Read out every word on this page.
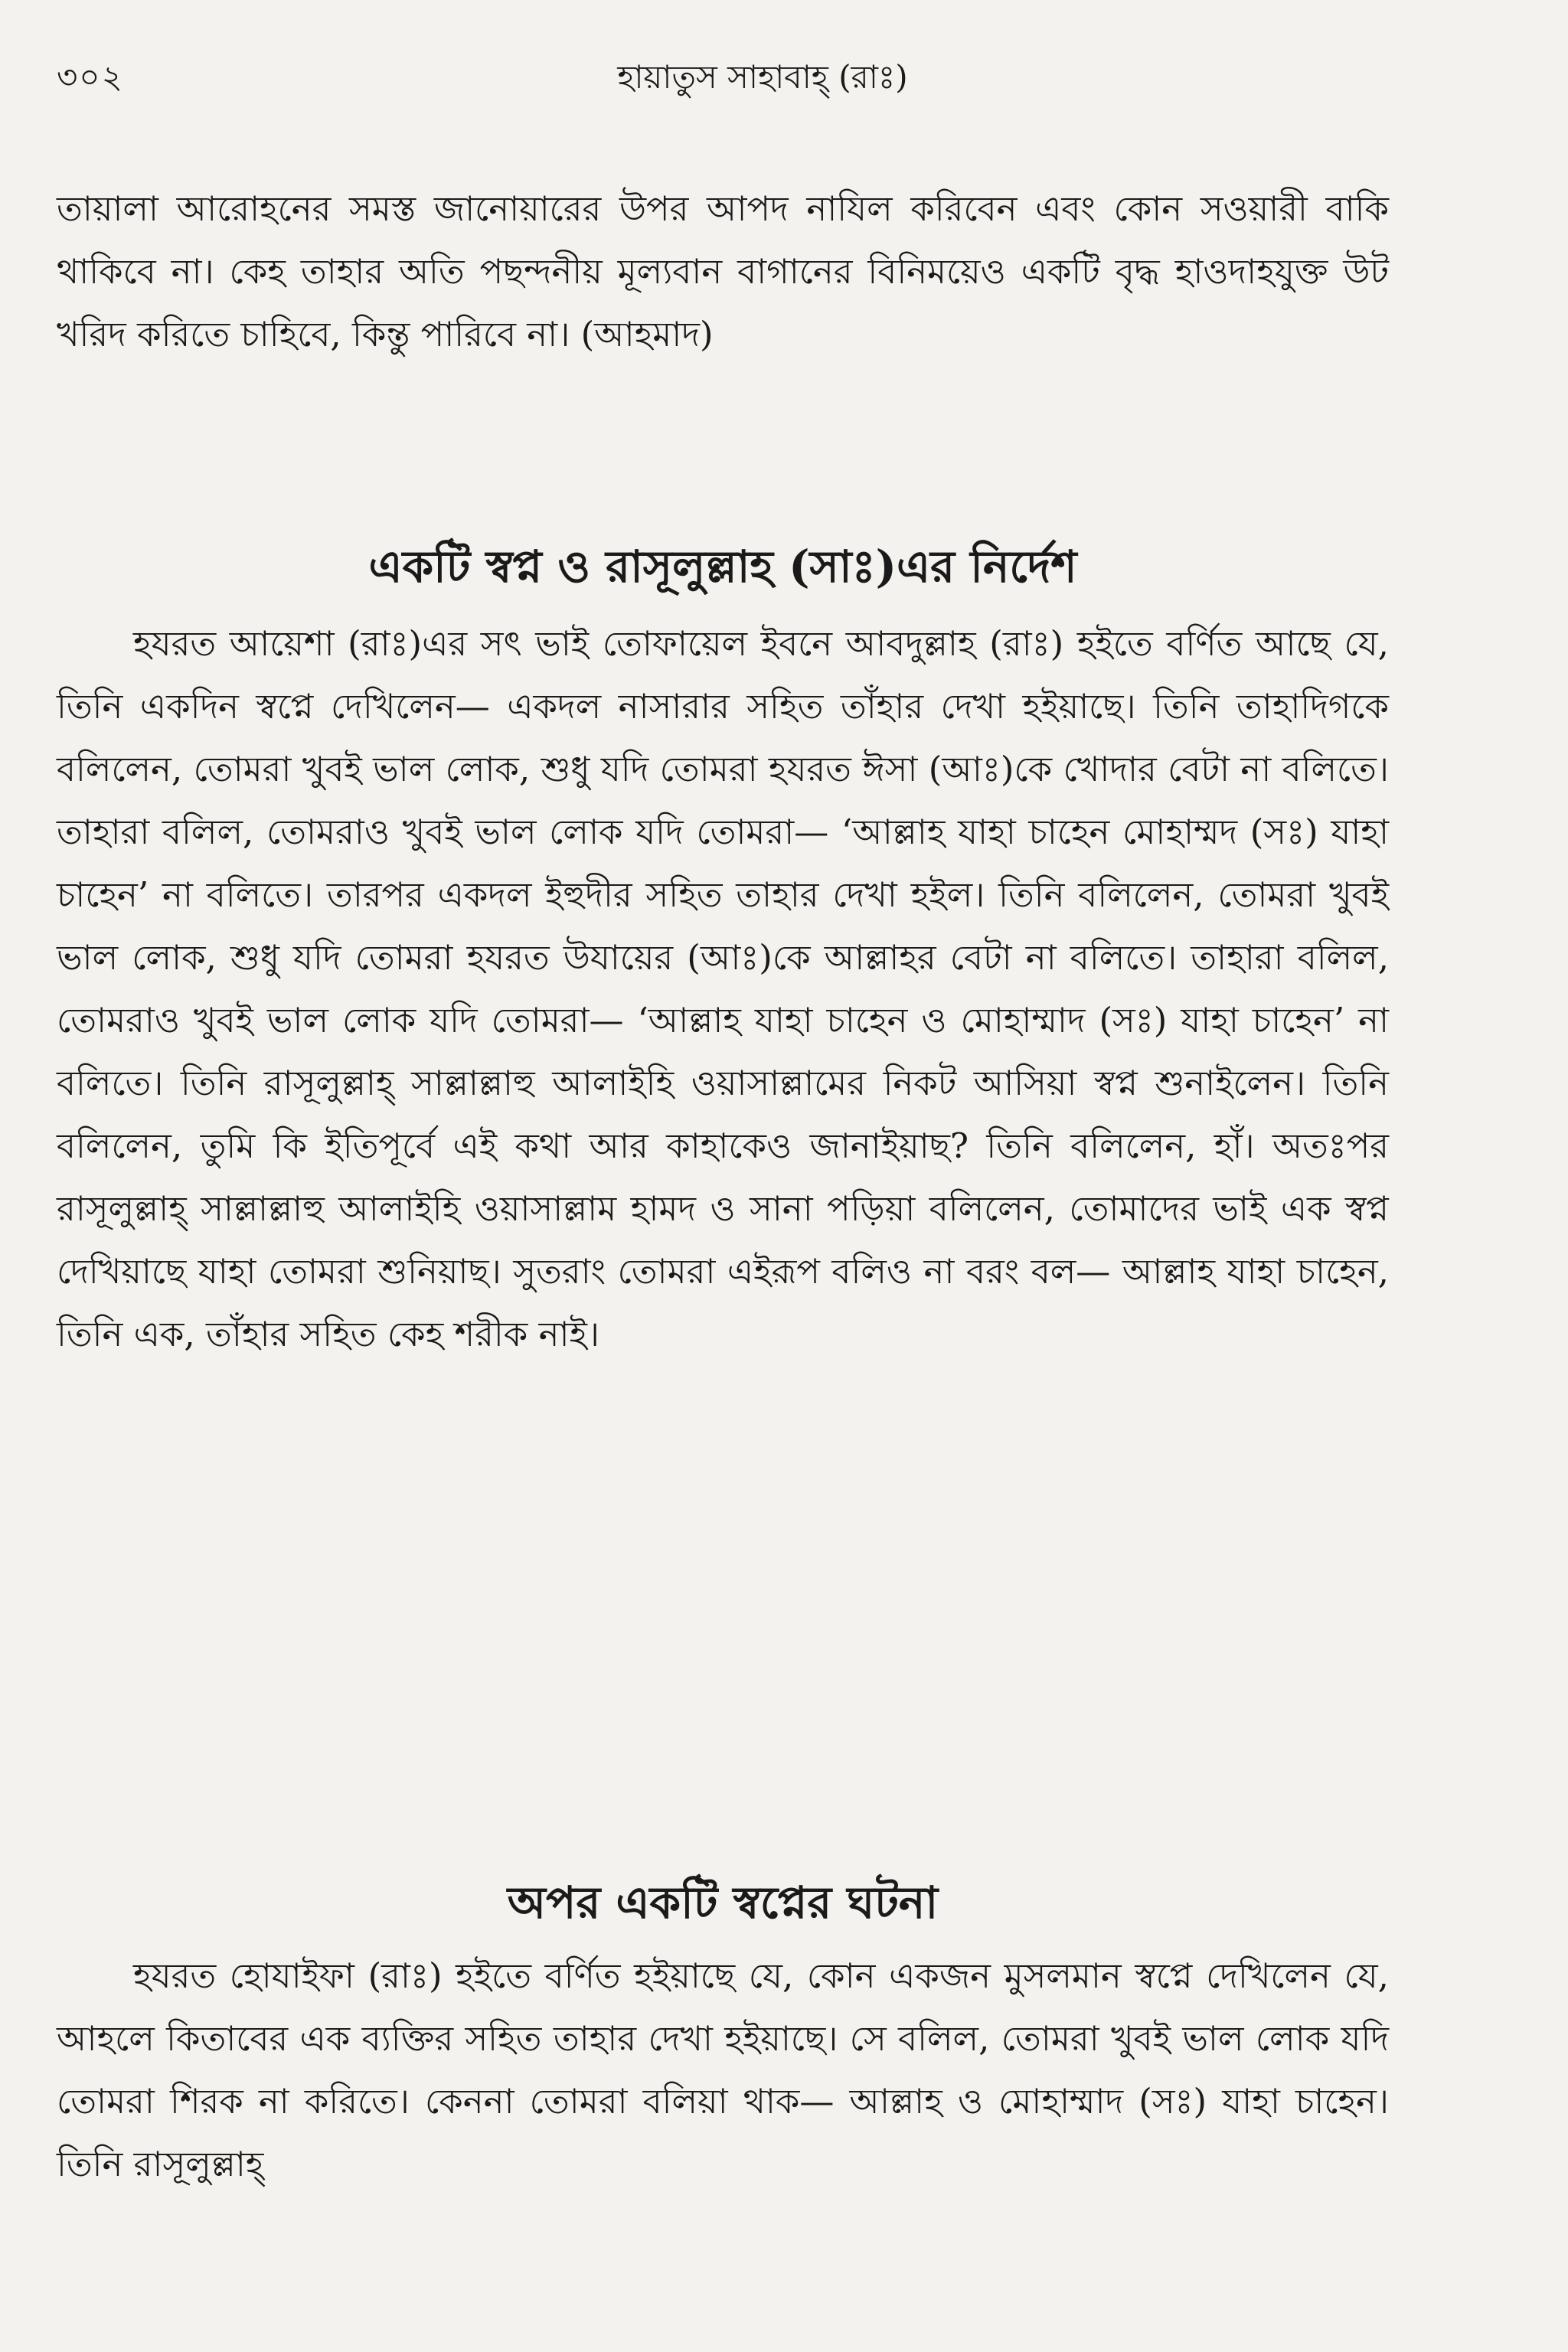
৩০২	হায়াতুস সাহাবাহ্ (রাঃ)

তায়ালা আরোহনের সমস্ত জানোয়ারের উপর আপদ নাযিল করিবেন এবং কোন সওয়ারী বাকি থাকিবে না। কেহ তাহার অতি পছন্দনীয় মূল্যবান বাগানের বিনিময়েও একটি বৃদ্ধ হাওদাহযুক্ত উট খরিদ করিতে চাহিবে, কিন্তু পারিবে না। (আহমাদ)

একটি স্বপ্ন ও রাসূলুল্লাহ (সাঃ)এর নির্দেশ

হযরত আয়েশা (রাঃ)এর সৎ ভাই তোফায়েল ইবনে আবদুল্লাহ (রাঃ) হইতে বর্ণিত আছে যে, তিনি একদিন স্বপ্নে দেখিলেন— একদল নাসারার সহিত তাঁহার দেখা হইয়াছে। তিনি তাহাদিগকে বলিলেন, তোমরা খুবই ভাল লোক, শুধু যদি তোমরা হযরত ঈসা (আঃ)কে খোদার বেটা না বলিতে। তাহারা বলিল, তোমরাও খুবই ভাল লোক যদি তোমরা— ‘আল্লাহ যাহা চাহেন মোহাম্মদ (সঃ) যাহা চাহেন’ না বলিতে। তারপর একদল ইহুদীর সহিত তাহার দেখা হইল। তিনি বলিলেন, তোমরা খুবই ভাল লোক, শুধু যদি তোমরা হযরত উযায়ের (আঃ)কে আল্লাহর বেটা না বলিতে। তাহারা বলিল, তোমরাও খুবই ভাল লোক যদি তোমরা— ‘আল্লাহ যাহা চাহেন ও মোহাম্মাদ (সঃ) যাহা চাহেন’ না বলিতে। তিনি রাসূলুল্লাহ্ সাল্লাল্লাহু আলাইহি ওয়াসাল্লামের নিকট আসিয়া স্বপ্ন শুনাইলেন। তিনি বলিলেন, তুমি কি ইতিপূর্বে এই কথা আর কাহাকেও জানাইয়াছ? তিনি বলিলেন, হাঁ। অতঃপর রাসূলুল্লাহ্ সাল্লাল্লাহু আলাইহি ওয়াসাল্লাম হামদ ও সানা পড়িয়া বলিলেন, তোমাদের ভাই এক স্বপ্ন দেখিয়াছে যাহা তোমরা শুনিয়াছ। সুতরাং তোমরা এইরূপ বলিও না বরং বল— আল্লাহ যাহা চাহেন, তিনি এক, তাঁহার সহিত কেহ শরীক নাই।

অপর একটি স্বপ্নের ঘটনা

হযরত হোযাইফা (রাঃ) হইতে বর্ণিত হইয়াছে যে, কোন একজন মুসলমান স্বপ্নে দেখিলেন যে, আহলে কিতাবের এক ব্যক্তির সহিত তাহার দেখা হইয়াছে। সে বলিল, তোমরা খুবই ভাল লোক যদি তোমরা শিরক না করিতে। কেননা তোমরা বলিয়া থাক— আল্লাহ ও মোহাম্মাদ (সঃ) যাহা চাহেন। তিনি রাসূলুল্লাহ্
